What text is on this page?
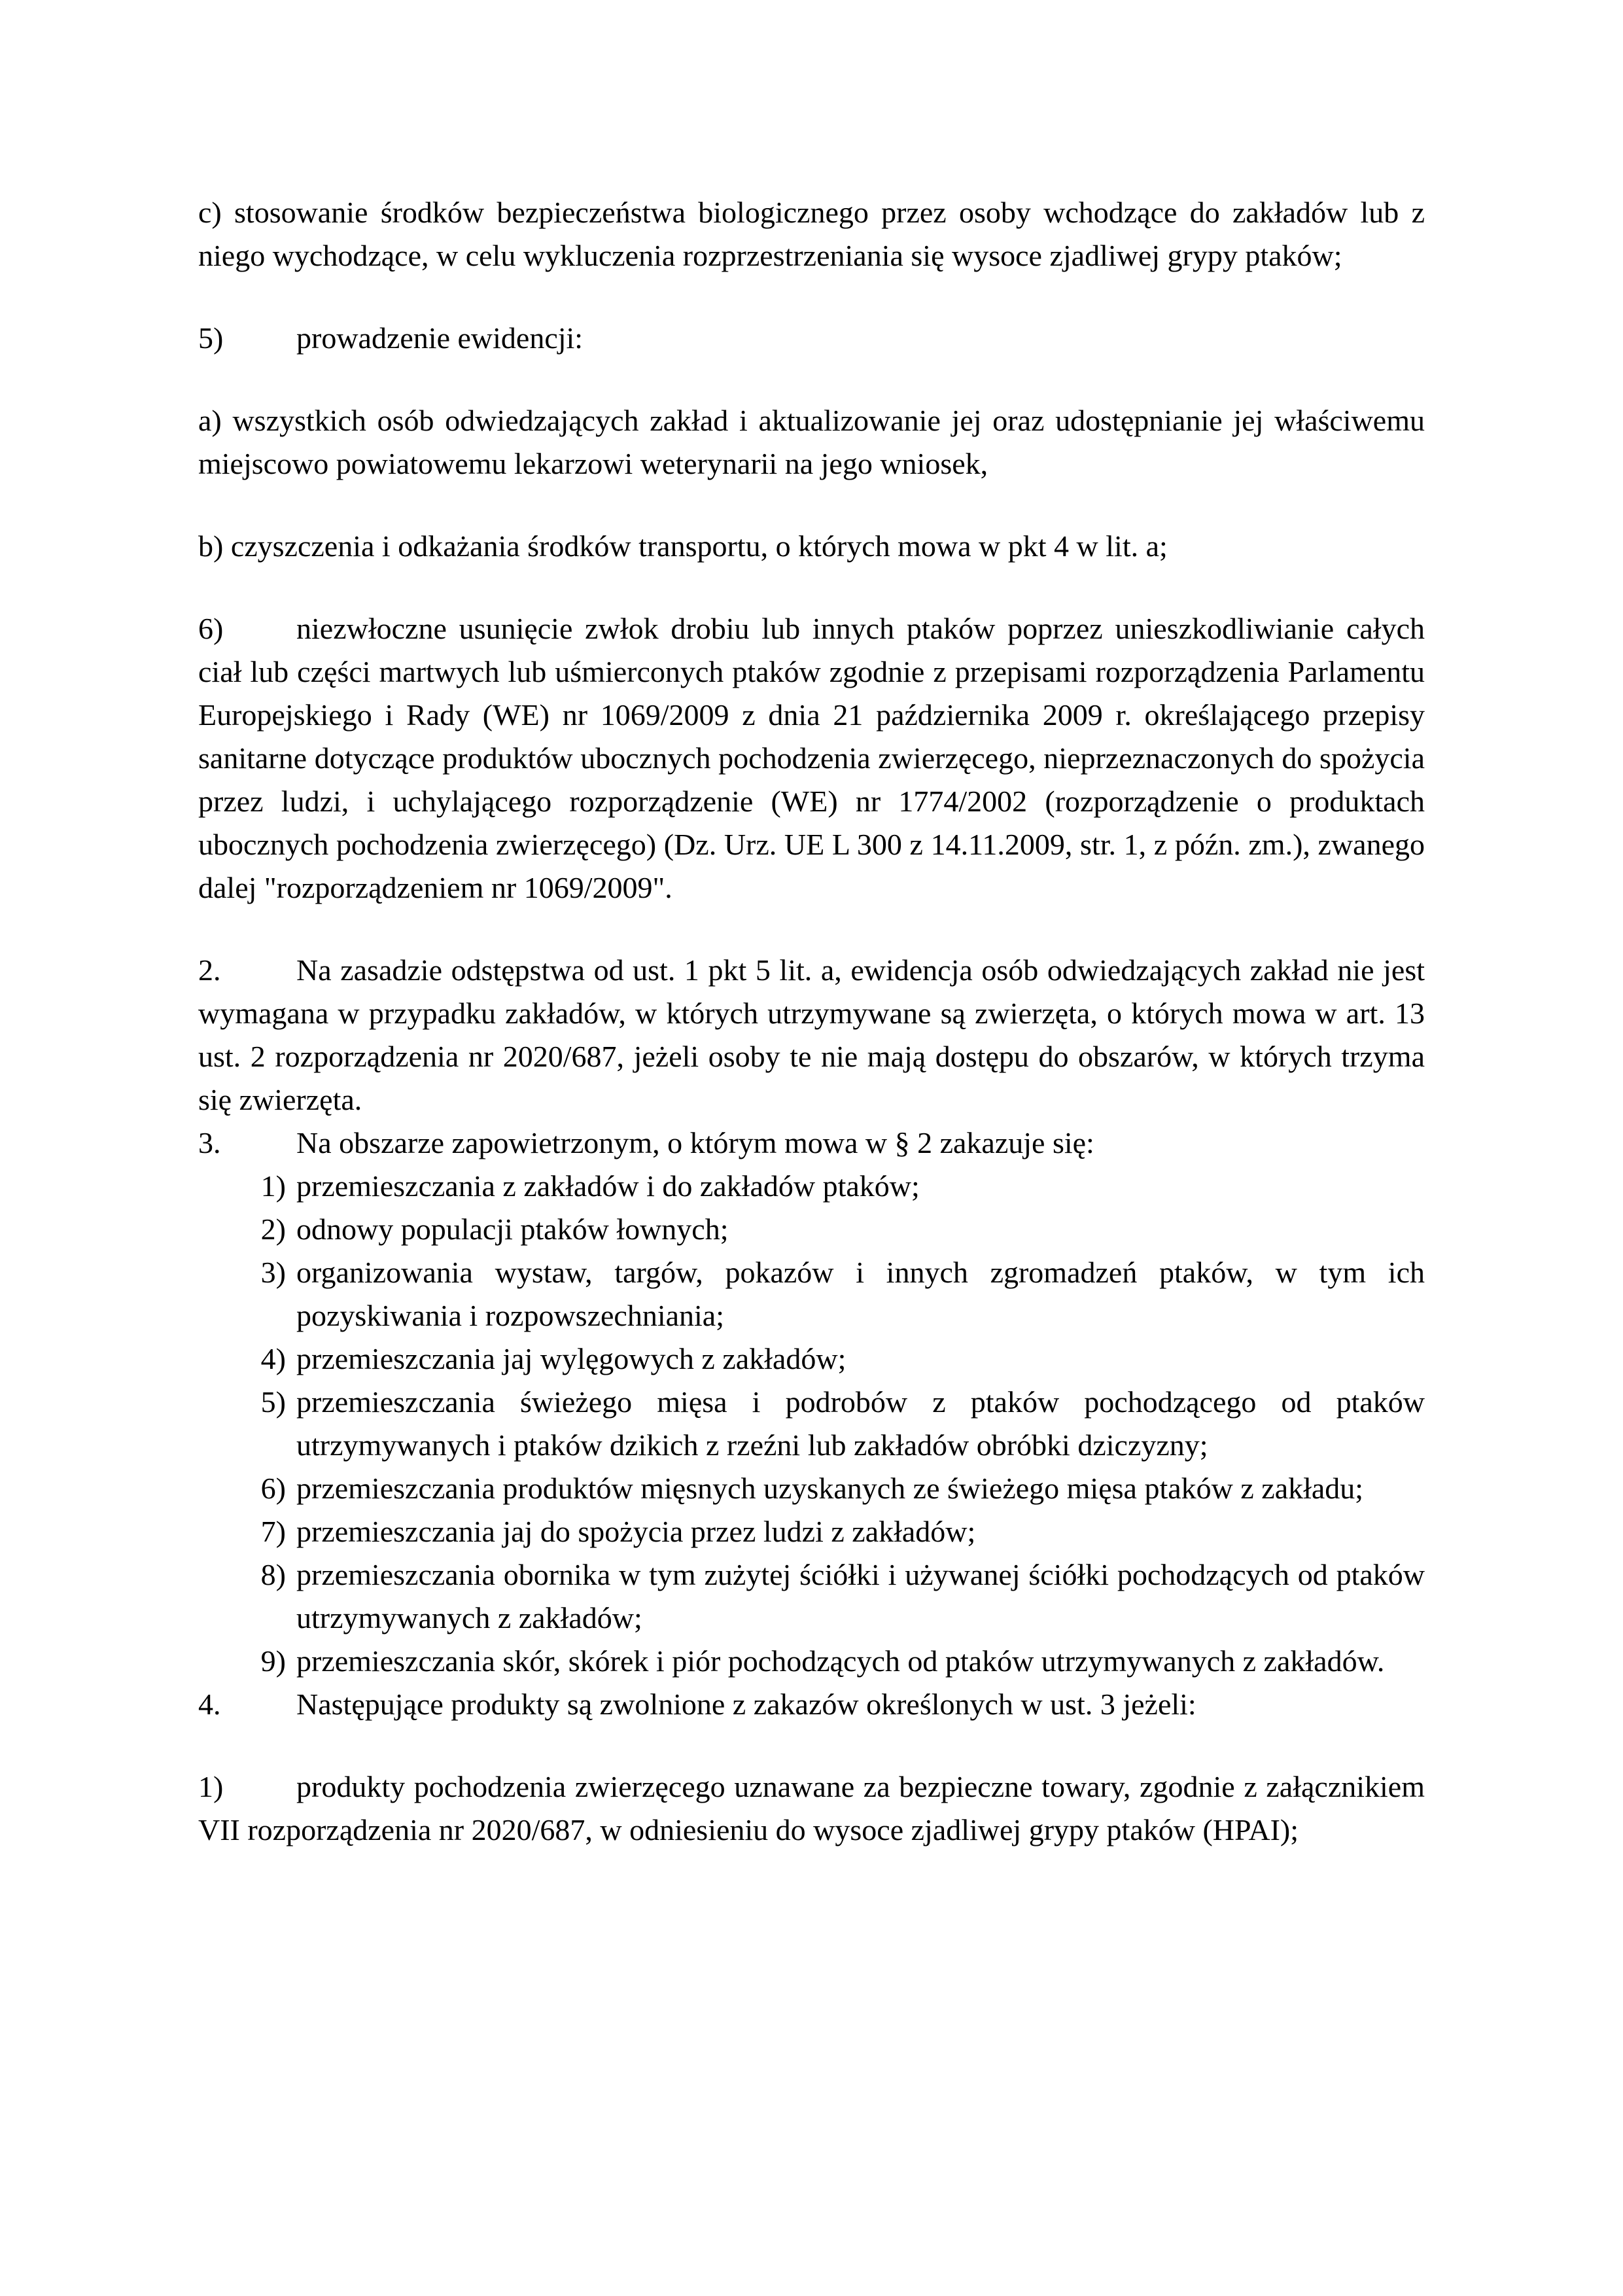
c) stosowanie środków bezpieczeństwa biologicznego przez osoby wchodzące do zakładów lub z niego wychodzące, w celu wykluczenia rozprzestrzeniania się wysoce zjadliwej grypy ptaków;

5) prowadzenie ewidencji:

a) wszystkich osób odwiedzających zakład i aktualizowanie jej oraz udostępnianie jej właściwemu miejscowo powiatowemu lekarzowi weterynarii na jego wniosek,

b) czyszczenia i odkażania środków transportu, o których mowa w pkt 4 w lit. a;

6) niezwłoczne usunięcie zwłok drobiu lub innych ptaków poprzez unieszkodliwianie całych ciał lub części martwych lub uśmierconych ptaków zgodnie z przepisami rozporządzenia Parlamentu Europejskiego i Rady (WE) nr 1069/2009 z dnia 21 października 2009 r. określającego przepisy sanitarne dotyczące produktów ubocznych pochodzenia zwierzęcego, nieprzeznaczonych do spożycia przez ludzi, i uchylającego rozporządzenie (WE) nr 1774/2002 (rozporządzenie o produktach ubocznych pochodzenia zwierzęcego) (Dz. Urz. UE L 300 z 14.11.2009, str. 1, z późn. zm.), zwanego dalej "rozporządzeniem nr 1069/2009".

2.	Na zasadzie odstępstwa od ust. 1 pkt 5 lit. a, ewidencja osób odwiedzających zakład nie jest wymagana w przypadku zakładów, w których utrzymywane są zwierzęta, o których mowa w art. 13 ust. 2 rozporządzenia nr 2020/687, jeżeli osoby te nie mają dostępu do obszarów, w których trzyma się zwierzęta.

3.	Na obszarze zapowietrzonym, o którym mowa w § 2 zakazuje się:

1) przemieszczania z zakładów i do zakładów ptaków;
2) odnowy populacji ptaków łownych;
3) organizowania wystaw, targów, pokazów i innych zgromadzeń ptaków, w tym ich pozyskiwania i rozpowszechniania;
4) przemieszczania jaj wylęgowych z zakładów;
5) przemieszczania świeżego mięsa i podrobów z ptaków pochodzącego od ptaków utrzymywanych i ptaków dzikich z rzeźni lub zakładów obróbki dziczyzny;
6) przemieszczania produktów mięsnych uzyskanych ze świeżego mięsa ptaków z zakładu;
7) przemieszczania jaj do spożycia przez ludzi z zakładów;
8) przemieszczania obornika w tym zużytej ściółki i używanej ściółki pochodzących od ptaków utrzymywanych z zakładów;
9) przemieszczania skór, skórek i piór pochodzących od ptaków utrzymywanych z zakładów.

4.	Następujące produkty są zwolnione z zakazów określonych w ust. 3 jeżeli:

1) produkty pochodzenia zwierzęcego uznawane za bezpieczne towary, zgodnie z załącznikiem VII rozporządzenia nr 2020/687, w odniesieniu do wysoce zjadliwej grypy ptaków (HPAI);
